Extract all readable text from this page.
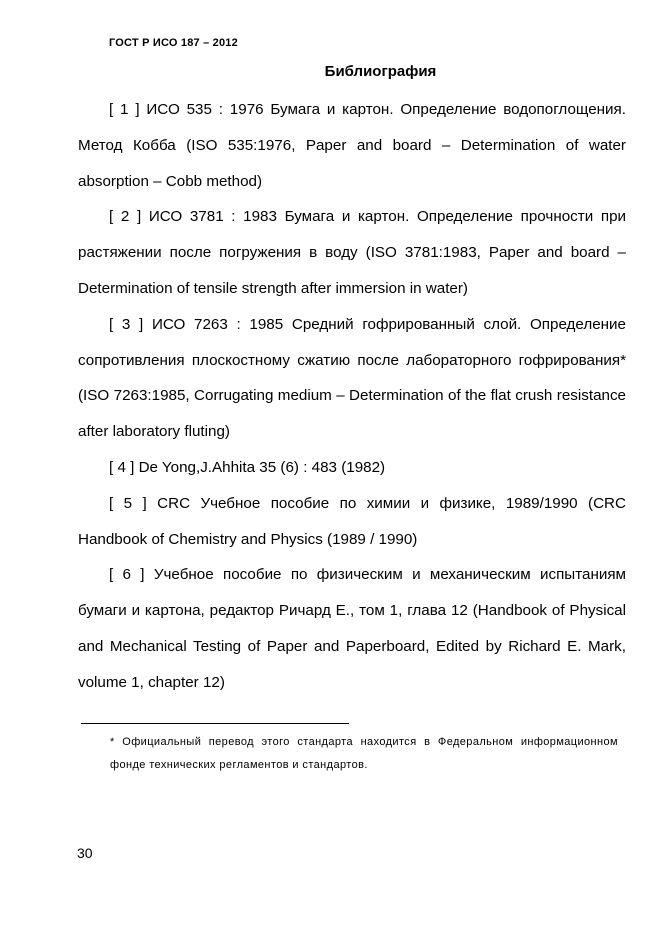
ГОСТ Р ИСО 187 – 2012
Библиография

[ 1 ] ИСО 535 : 1976 Бумага и картон. Определение водопоглощения. Метод Кобба (ISO 535:1976, Paper and board – Determination of water absorption – Cobb method)

[ 2 ] ИСО 3781 : 1983 Бумага и картон. Определение прочности при растяжении после погружения в воду (ISO 3781:1983, Paper and board – Determination of tensile strength after immersion in water)

[ 3 ] ИСО 7263 : 1985 Средний гофрированный слой. Определение сопротивления плоскостному сжатию после лабораторного гофрирования* (ISO 7263:1985, Corrugating medium – Determination of the flat crush resistance after laboratory fluting)

[ 4 ] De Yong,J.Ahhita 35 (6) : 483 (1982)

[ 5 ] CRC Учебное пособие по химии и физике, 1989/1990 (CRC Handbook of Chemistry and Physics (1989 / 1990)

[ 6 ] Учебное пособие по физическим и механическим испытаниям бумаги и картона, редактор Ричард Е., том 1, глава 12 (Handbook of Physical and Mechanical Testing of Paper and Paperboard, Edited by Richard E. Mark, volume 1, chapter 12)

* Официальный перевод этого стандарта находится в Федеральном информационном фонде технических регламентов и стандартов.
30
